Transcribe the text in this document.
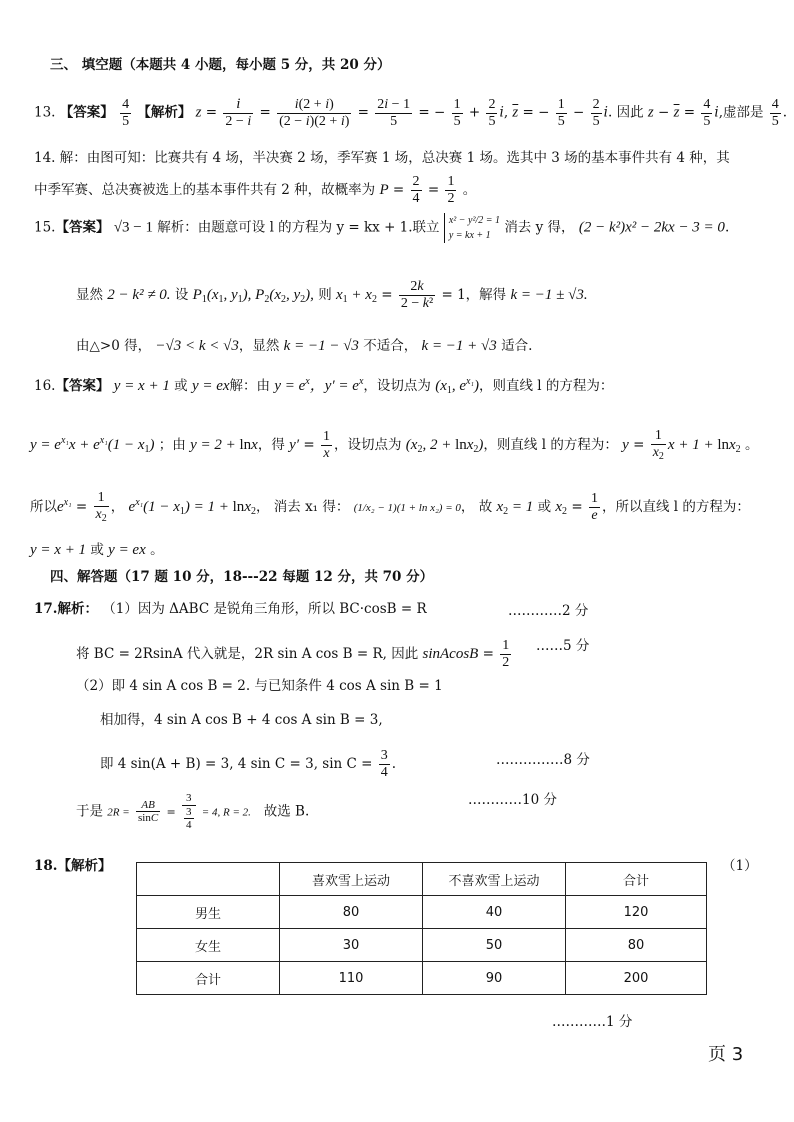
三、 填空题（本题共 4 小题，每小题 5 分，共 20 分）
13. 【答案】 $\frac{4}{5}$ 【解析】 $z = \frac{i}{2 - i} = \frac{i(2 + i)}{(2 - i)(2 + i)} = \frac{2i - 1}{5}$ = − $\frac{1}{5} + \frac{2}{5} i$, $\overline{z}$ = − $\frac{1}{5} - \frac{2}{5} i$. 因此 $z - \overline{z} = \frac{4}{5} i$,虚部是 $\frac{4}{5}$ .
14. 解：由图可知：比赛共有 4 场，半决赛 2 场，季军赛 1 场，总决赛 1 场。选其中 3 场的基本事件共有 4 种，其
中季军赛、总决赛被选上的基本事件共有 2 种，故概率为 $P = \frac{2}{4} = \frac{1}{2}$ 。
15.【答案】 √3 − 1 解析：由题意可设 l 的方程为 y = kx + 1.联立 x² − y²/2 = 1
y = kx + 1 消去 y 得， (2 − k²)x² − 2kx − 3 = 0.
显然 2 − k² ≠ 0. 设 $P_1(x_1$, $y_1$), $P_2(x_2$, $y_2$), 则 $x_1 + x_2 = \frac{2k}{\text{2 − k²}} = 1$，解得 k = −1 ± √3.
由△>0 得， −√3 < k < √3，显然 k = −1 − √3 不适合， k = −1 + √3 适合.
16.【答案】 y = x + 1 或 y = ex解：由 $y = e^x$，$y' = e^x$，设切点为 ($x_1$, $e^{x_1}$)，则直线 l 的方程为：
$y = e^{x_1}x + e^{x_1}(1 - x_1)$ ；由 y = 2 + lnx，得 $y' = \frac{1}{x}$ ，设切点为 ($x_2$, 2 + lnx$_2$)，则直线 l 的方程为： $y = \frac{1}{x_2}$ x + 1 + lnx$_2$ 。
所以$e^{x_1} = \frac{1}{x_2}$ ， $e^{x_1}(1 - x_1) = 1 + \ln x_2$， 消去 x₁ 得： (1/x₂ − 1)(1 + ln x₂) = 0， 故 $x_2 = 1$ 或 $x_2 = \frac{1}{e}$ ，所以直线 l 的方程为：
y = x + 1 或 y = ex 。
四、解答题（17 题 10 分，18---22 每题 12 分，共 70 分）
17.解析： （1）因为 ΔABC 是锐角三角形，所以 BC·cosB = R	…………2 分
将 BC = 2RsinA 代入就是，2R sin A cos B = R, 因此 sinAcosB = $\frac{1}{2}$ ……5 分
（2）即 4 sin A cos B = 2. 与已知条件 4 cos A sin B = 1
相加得，4 sin A cos B + 4 cos A sin B = 3,
即 4 sin(A + B) = 3, 4 sin C = 3, $\sin C = \frac{3}{4}$ .	……………8 分
于是 $2R = \frac{AB}{\sin C} = \frac{3}{\frac{3}{4}} = 4$, R = 2. 故选 B.
…………10 分
18.【解析】	（1）
	喜欢雪上运动	不喜欢雪上运动	合计
男生	80	40	120
女生	30	50	80
合计	110	90	200
…………1 分
页 3
